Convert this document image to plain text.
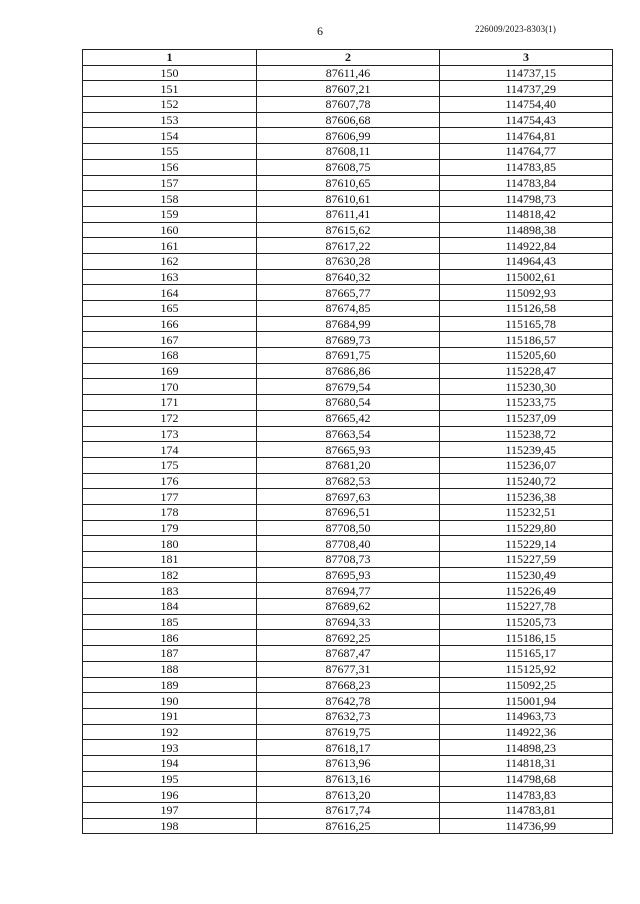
6	226009/2023-8303(1)
1	2	3
150	87611,46	114737,15
151	87607,21	114737,29
152	87607,78	114754,40
153	87606,68	114754,43
154	87606,99	114764,81
155	87608,11	114764,77
156	87608,75	114783,85
157	87610,65	114783,84
158	87610,61	114798,73
159	87611,41	114818,42
160	87615,62	114898,38
161	87617,22	114922,84
162	87630,28	114964,43
163	87640,32	115002,61
164	87665,77	115092,93
165	87674,85	115126,58
166	87684,99	115165,78
167	87689,73	115186,57
168	87691,75	115205,60
169	87686,86	115228,47
170	87679,54	115230,30
171	87680,54	115233,75
172	87665,42	115237,09
173	87663,54	115238,72
174	87665,93	115239,45
175	87681,20	115236,07
176	87682,53	115240,72
177	87697,63	115236,38
178	87696,51	115232,51
179	87708,50	115229,80
180	87708,40	115229,14
181	87708,73	115227,59
182	87695,93	115230,49
183	87694,77	115226,49
184	87689,62	115227,78
185	87694,33	115205,73
186	87692,25	115186,15
187	87687,47	115165,17
188	87677,31	115125,92
189	87668,23	115092,25
190	87642,78	115001,94
191	87632,73	114963,73
192	87619,75	114922,36
193	87618,17	114898,23
194	87613,96	114818,31
195	87613,16	114798,68
196	87613,20	114783,83
197	87617,74	114783,81
198	87616,25	114736,99
